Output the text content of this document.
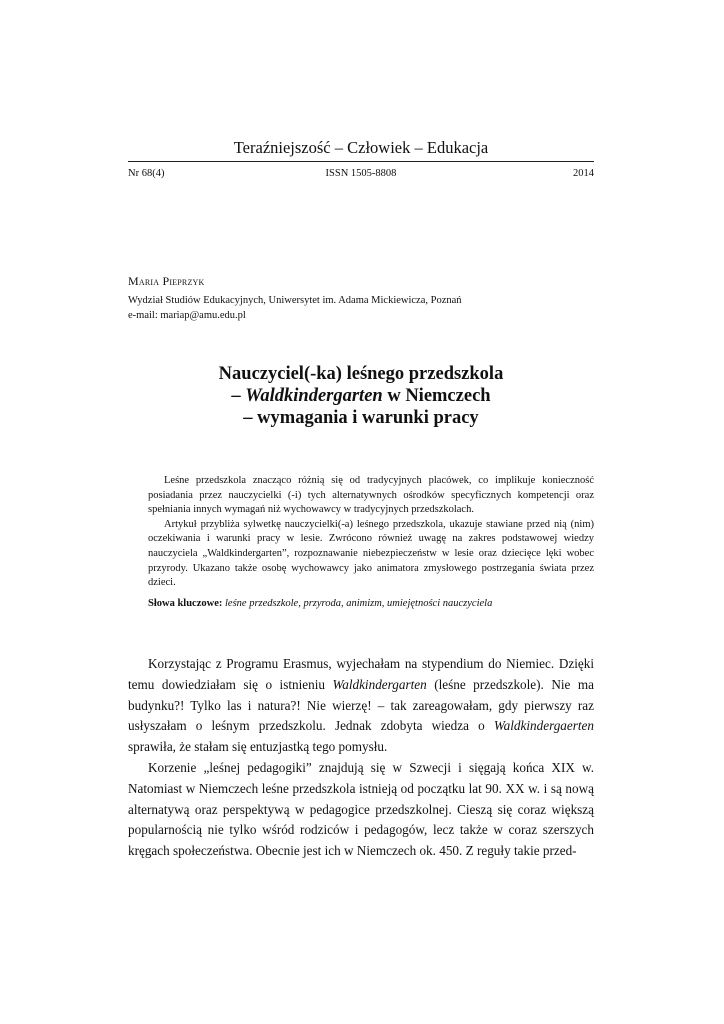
Teraźniejszość – Człowiek – Edukacja
Nr 68(4)	ISSN 1505-8808	2014
Maria Pieprzyk
Wydział Studiów Edukacyjnych, Uniwersytet im. Adama Mickiewicza, Poznań
e-mail: mariap@amu.edu.pl
Nauczyciel(-ka) leśnego przedszkola
– Waldkindergarten w Niemczech
– wymagania i warunki pracy

Leśne przedszkola znacząco różnią się od tradycyjnych placówek, co implikuje konieczność posiadania przez nauczycielki (-i) tych alternatywnych ośrodków specyficznych kompetencji oraz spełniania innych wymagań niż wychowawcy w tradycyjnych przedszkolach.

Artykuł przybliża sylwetkę nauczycielki(-a) leśnego przedszkola, ukazuje stawiane przed nią (nim) oczekiwania i warunki pracy w lesie. Zwrócono również uwagę na zakres podstawowej wiedzy nauczyciela „Waldkindergarten”, rozpoznawanie niebezpieczeństw w lesie oraz dziecięce lęki wobec przyrody. Ukazano także osobę wychowawcy jako animatora zmysłowego postrzegania świata przez dzieci.

Słowa kluczowe: leśne przedszkole, przyroda, animizm, umiejętności nauczyciela

Korzystając z Programu Erasmus, wyjechałam na stypendium do Niemiec. Dzięki temu dowiedziałam się o istnieniu Waldkindergarten (leśne przedszkole). Nie ma budynku?! Tylko las i natura?! Nie wierzę! – tak zareagowałam, gdy pierwszy raz usłyszałam o leśnym przedszkolu. Jednak zdobyta wiedza o Waldkindergaerten sprawiła, że stałam się entuzjastką tego pomysłu.

Korzenie „leśnej pedagogiki” znajdują się w Szwecji i sięgają końca XIX w. Natomiast w Niemczech leśne przedszkola istnieją od początku lat 90. XX w. i są nową alternatywą oraz perspektywą w pedagogice przedszkolnej. Cieszą się coraz większą popularnością nie tylko wśród rodziców i pedagogów, lecz także w coraz szerszych kręgach społeczeństwa. Obecnie jest ich w Niemczech ok. 450. Z reguły takie przed-
